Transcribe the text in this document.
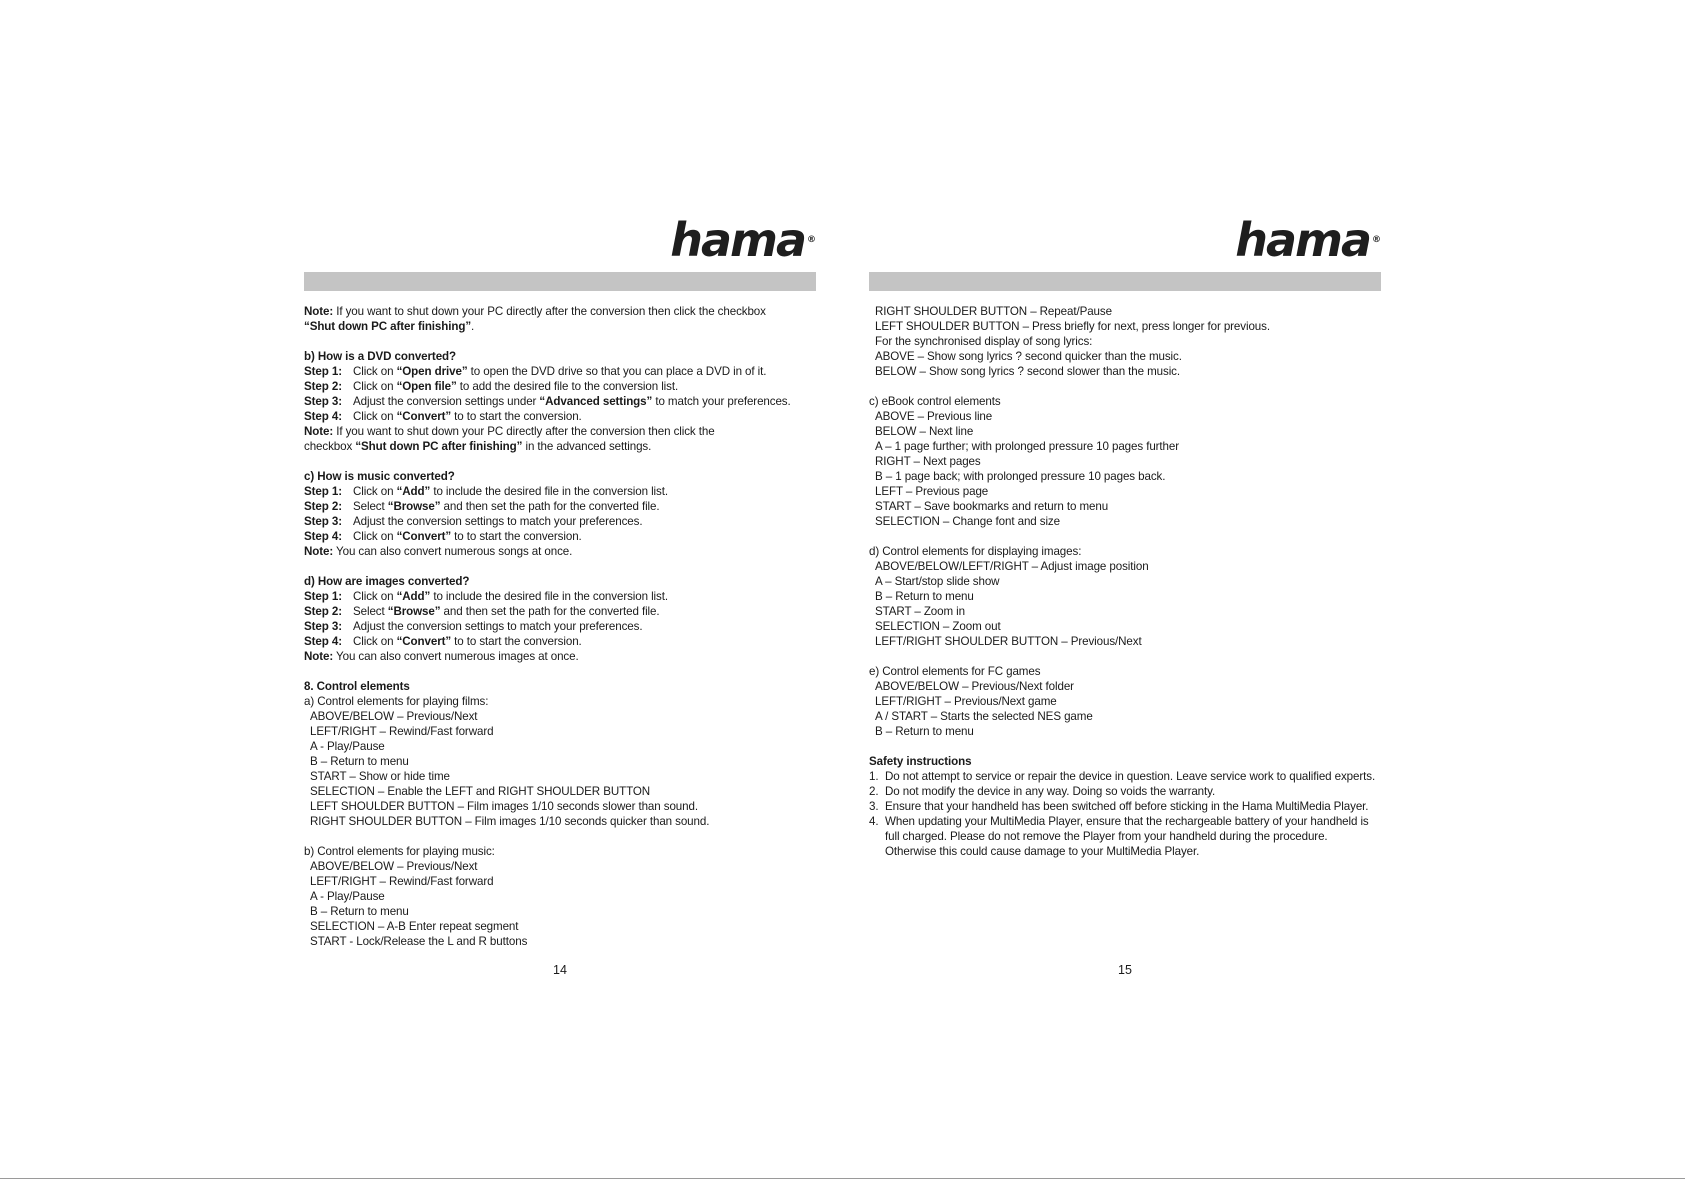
hama ®

Note: If you want to shut down your PC directly after the conversion then click the checkbox

“Shut down PC after finishing”.

b) How is a DVD converted?

Step 1: Click on “Open drive” to open the DVD drive so that you can place a DVD in of it.

Step 2: Click on “Open file” to add the desired file to the conversion list.

Step 3: Adjust the conversion settings under “Advanced settings” to match your preferences.

Step 4: Click on “Convert” to to start the conversion.

Note: If you want to shut down your PC directly after the conversion then click the

checkbox “Shut down PC after finishing” in the advanced settings.

c) How is music converted?

Step 1: Click on “Add” to include the desired file in the conversion list.

Step 2: Select “Browse” and then set the path for the converted file.

Step 3: Adjust the conversion settings to match your preferences.

Step 4: Click on “Convert” to to start the conversion.

Note: You can also convert numerous songs at once.

d) How are images converted?

Step 1: Click on “Add” to include the desired file in the conversion list.

Step 2: Select “Browse” and then set the path for the converted file.

Step 3: Adjust the conversion settings to match your preferences.

Step 4: Click on “Convert” to to start the conversion.

Note: You can also convert numerous images at once.

8. Control elements

a) Control elements for playing films:

ABOVE/BELOW – Previous/Next

LEFT/RIGHT – Rewind/Fast forward

A - Play/Pause

B – Return to menu

START – Show or hide time

SELECTION – Enable the LEFT and RIGHT SHOULDER BUTTON

LEFT SHOULDER BUTTON – Film images 1/10 seconds slower than sound.

RIGHT SHOULDER BUTTON – Film images 1/10 seconds quicker than sound.

b) Control elements for playing music:

ABOVE/BELOW – Previous/Next

LEFT/RIGHT – Rewind/Fast forward

A - Play/Pause

B – Return to menu

SELECTION – A-B Enter repeat segment

START - Lock/Release the L and R buttons

14
hama ®

RIGHT SHOULDER BUTTON – Repeat/Pause

LEFT SHOULDER BUTTON – Press briefly for next, press longer for previous.

For the synchronised display of song lyrics:

ABOVE – Show song lyrics ? second quicker than the music.

BELOW – Show song lyrics ? second slower than the music.

c) eBook control elements

ABOVE – Previous line

BELOW – Next line

A – 1 page further; with prolonged pressure 10 pages further

RIGHT – Next pages

B – 1 page back; with prolonged pressure 10 pages back.

LEFT – Previous page

START – Save bookmarks and return to menu

SELECTION – Change font and size

d) Control elements for displaying images:

ABOVE/BELOW/LEFT/RIGHT – Adjust image position

A – Start/stop slide show

B – Return to menu

START – Zoom in

SELECTION – Zoom out

LEFT/RIGHT SHOULDER BUTTON – Previous/Next

e) Control elements for FC games

ABOVE/BELOW – Previous/Next folder

LEFT/RIGHT – Previous/Next game

A / START – Starts the selected NES game

B – Return to menu

Safety instructions

1. Do not attempt to service or repair the device in question. Leave service work to qualified experts.

2. Do not modify the device in any way. Doing so voids the warranty.

3. Ensure that your handheld has been switched off before sticking in the Hama MultiMedia Player.

4. When updating your MultiMedia Player, ensure that the rechargeable battery of your handheld is full charged. Please do not remove the Player from your handheld during the procedure. Otherwise this could cause damage to your MultiMedia Player.

15
